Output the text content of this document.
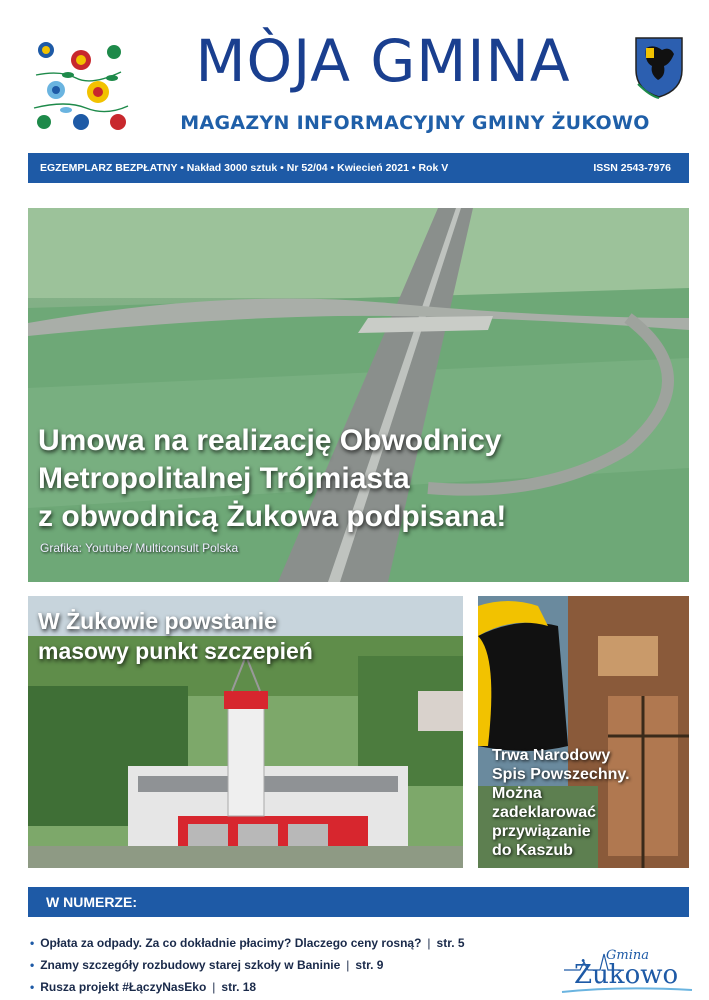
MÒJA GMINA
MAGAZYN INFORMACYJNY GMINY ŻUKOWO
EGZEMPLARZ BEZPŁATNY • Nakład 3000 sztuk • Nr 52/04 • Kwiecień 2021 • Rok V	ISSN 2543-7976
Umowa na realizację Obwodnicy
Metropolitalnej Trójmiasta
z obwodnicą Żukowa podpisana!
Grafika: Youtube/ Multiconsult Polska
W Żukowie powstanie
masowy punkt szczepień
Trwa Narodowy
Spis Powszechny.
Można
zadeklarować
przywiązanie
do Kaszub
W NUMERZE:
• Opłata za odpady. Za co dokładnie płacimy? Dlaczego ceny rosną? | str. 5
• Znamy szczegóły rozbudowy starej szkoły w Baninie | str. 9
• Rusza projekt #ŁączyNasEko | str. 18
Gmina
Żukowo
